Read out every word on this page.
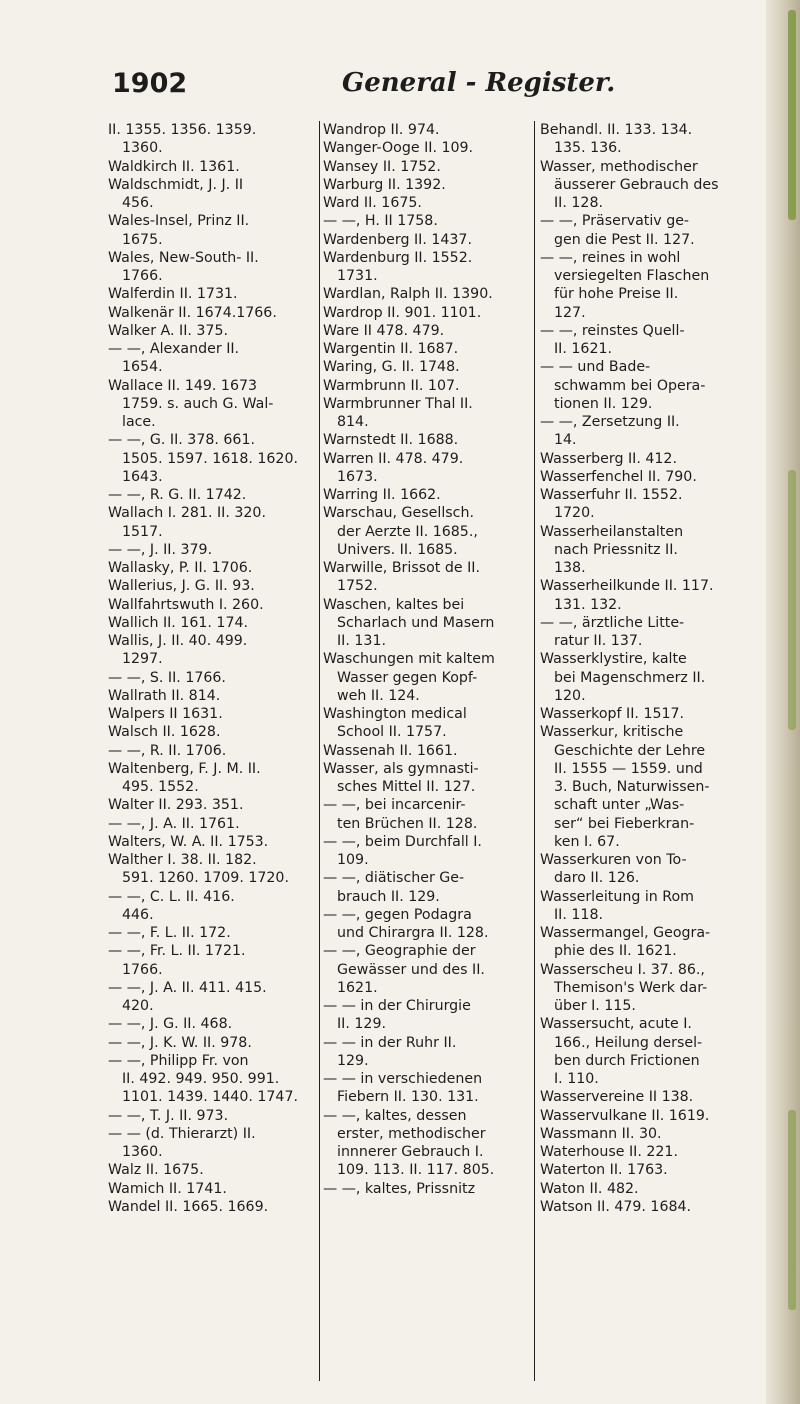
1902	General - Register.
II. 1355. 1356. 1359.
1360.
Waldkirch II. 1361.
Waldschmidt, J. J. II
456.
Wales-Insel, Prinz II.
1675.
Wales, New-South- II.
1766.
Walferdin II. 1731.
Walkenär II. 1674.1766.
Walker A. II. 375.
— —, Alexander II.
1654.
Wallace II. 149. 1673
1759. s. auch G. Wal-
lace.
— —, G. II. 378. 661.
1505. 1597. 1618. 1620.
1643.
— —, R. G. II. 1742.
Wallach I. 281. II. 320.
1517.
— —, J. II. 379.
Wallasky, P. II. 1706.
Wallerius, J. G. II. 93.
Wallfahrtswuth I. 260.
Wallich II. 161. 174.
Wallis, J. II. 40. 499.
1297.
— —, S. II. 1766.
Wallrath II. 814.
Walpers II 1631.
Walsch II. 1628.
— —, R. II. 1706.
Waltenberg, F. J. M. II.
495. 1552.
Walter II. 293. 351.
— —, J. A. II. 1761.
Walters, W. A. II. 1753.
Walther I. 38. II. 182.
591. 1260. 1709. 1720.
— —, C. L. II. 416.
446.
— —, F. L. II. 172.
— —, Fr. L. II. 1721.
1766.
— —, J. A. II. 411. 415.
420.
— —, J. G. II. 468.
— —, J. K. W. II. 978.
— —, Philipp Fr. von
II. 492. 949. 950. 991.
1101. 1439. 1440. 1747.
— —, T. J. II. 973.
— — (d. Thierarzt) II.
1360.
Walz II. 1675.
Wamich II. 1741.
Wandel II. 1665. 1669.
Wandrop II. 974.
Wanger-Ooge II. 109.
Wansey II. 1752.
Warburg II. 1392.
Ward II. 1675.
— —, H. II 1758.
Wardenberg II. 1437.
Wardenburg II. 1552.
1731.
Wardlan, Ralph II. 1390.
Wardrop II. 901. 1101.
Ware II 478. 479.
Wargentin II. 1687.
Waring, G. II. 1748.
Warmbrunn II. 107.
Warmbrunner Thal II.
814.
Warnstedt II. 1688.
Warren II. 478. 479.
1673.
Warring II. 1662.
Warschau, Gesellsch.
der Aerzte II. 1685.,
Univers. II. 1685.
Warwille, Brissot de II.
1752.
Waschen, kaltes bei
Scharlach und Masern
II. 131.
Waschungen mit kaltem
Wasser gegen Kopf-
weh II. 124.
Washington medical
School II. 1757.
Wassenah II. 1661.
Wasser, als gymnasti-
sches Mittel II. 127.
— —, bei incarcenir-
ten Brüchen II. 128.
— —, beim Durchfall I.
109.
— —, diätischer Ge-
brauch II. 129.
— —, gegen Podagra
und Chirargra II. 128.
— —, Geographie der
Gewässer und des II.
1621.
— — in der Chirurgie
II. 129.
— — in der Ruhr II.
129.
— — in verschiedenen
Fiebern II. 130. 131.
— —, kaltes, dessen
erster, methodischer
innnerer Gebrauch I.
109. 113. II. 117. 805.
— —, kaltes, Prissnitz
Behandl. II. 133. 134.
135. 136.
Wasser, methodischer
äusserer Gebrauch des
II. 128.
— —, Präservativ ge-
gen die Pest II. 127.
— —, reines in wohl
versiegelten Flaschen
für hohe Preise II.
127.
— —, reinstes Quell-
II. 1621.
— — und Bade-
schwamm bei Opera-
tionen II. 129.
— —, Zersetzung II.
14.
Wasserberg II. 412.
Wasserfenchel II. 790.
Wasserfuhr II. 1552.
1720.
Wasserheilanstalten
nach Priessnitz II.
138.
Wasserheilkunde II. 117.
131. 132.
— —, ärztliche Litte-
ratur II. 137.
Wasserklystire, kalte
bei Magenschmerz II.
120.
Wasserkopf II. 1517.
Wasserkur, kritische
Geschichte der Lehre
II. 1555 — 1559. und
3. Buch, Naturwissen-
schaft unter „Was-
ser“ bei Fieberkran-
ken I. 67.
Wasserkuren von To-
daro II. 126.
Wasserleitung in Rom
II. 118.
Wassermangel, Geogra-
phie des II. 1621.
Wasserscheu I. 37. 86.,
Themison's Werk dar-
über I. 115.
Wassersucht, acute I.
166., Heilung dersel-
ben durch Frictionen
I. 110.
Wasservereine II 138.
Wasservulkane II. 1619.
Wassmann II. 30.
Waterhouse II. 221.
Waterton II. 1763.
Waton II. 482.
Watson II. 479. 1684.
